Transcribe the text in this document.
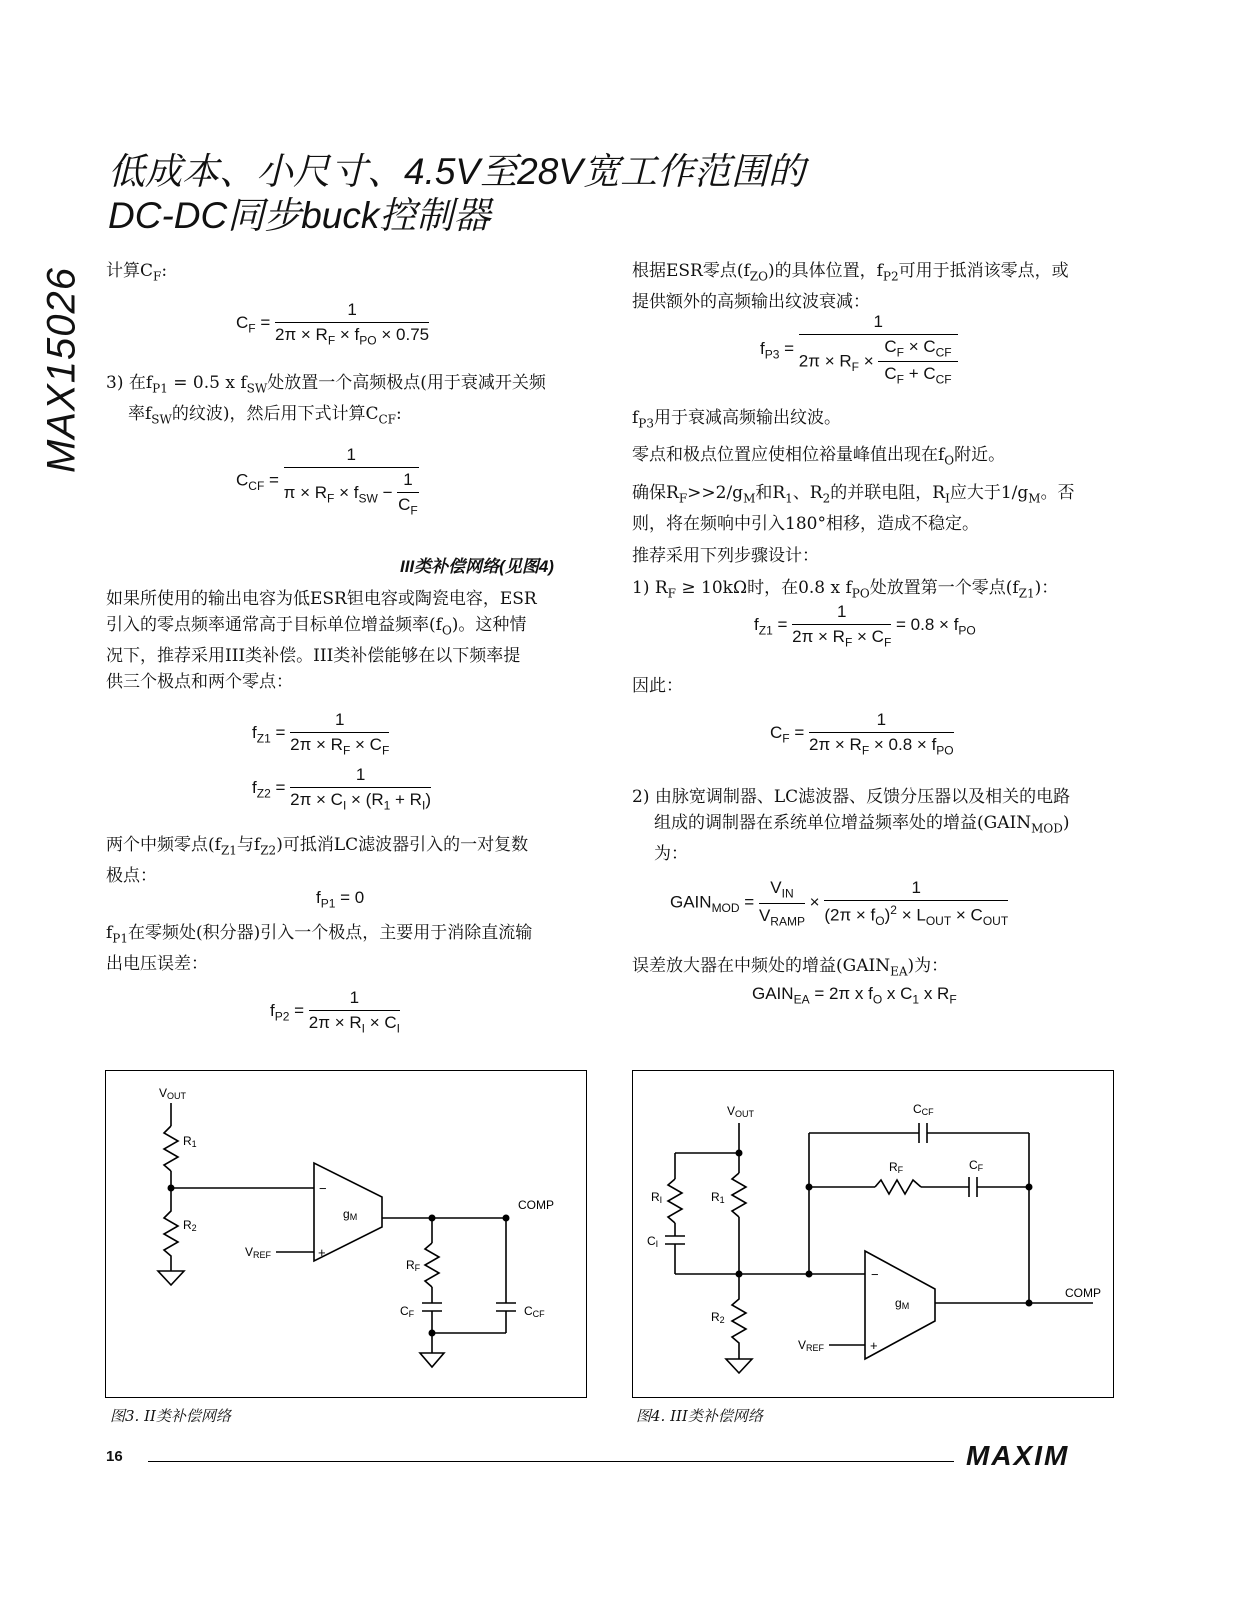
MAX15026
低成本、小尺寸、4.5V至28V宽工作范围的
DC-DC同步buck控制器
计算$C_F$:
$C_F = \frac{1}{2\pi \times R_F \times f_{PO} \times 0.75}$
3) 在$f_{P1} = 0.5$ x $f_{SW}$处放置一个高频极点(用于衰减开关频
率$f_{SW}$的纹波)，然后用下式计算$C_{CF}$:
$C_{CF} = \frac{1}{\pi \times R_F \times f_{SW} - \frac{1}{C_F}}$
III类补偿网络(见图4)
如果所使用的输出电容为低ESR钽电容或陶瓷电容，ESR
引入的零点频率通常高于目标单位增益频率$(f_O)$。这种情
况下，推荐采用III类补偿。III类补偿能够在以下频率提
供三个极点和两个零点：
$f_{Z1} = \frac{1}{2\pi \times R_F \times C_F}$
$f_{Z2} = \frac{1}{2\pi \times C_I \times (R_1 + R_I)}$
两个中频零点($f_{Z1}$与$f_{Z2}$)可抵消LC滤波器引入的一对复数
极点：
$f_{P1} = 0$
$f_{P1}$在零频处(积分器)引入一个极点，主要用于消除直流输
出电压误差：
$f_{P2} = \frac{1}{2\pi \times R_I \times C_I}$
根据ESR零点$(f_{ZO})$的具体位置，$f_{P2}$可用于抵消该零点，或
提供额外的高频输出纹波衰减：
$f_{P3} = \frac{1}{2\pi \times R_F \times \frac{C_F \times C_{CF}}{C_F + C_{CF}}}$
$f_{P3}$用于衰减高频输出纹波。
零点和极点位置应使相位裕量峰值出现在$f_O$附近。
确保$R_F>>2/g_M$和$R_1$、$R_2$的并联电阻，$R_I$应大于$1/g_M$。否
则，将在频响中引入180°相移，造成不稳定。
推荐采用下列步骤设计：
1) $R_F \ge 10k\Omega$时，在0.8 x $f_{PO}$处放置第一个零点$(f_{Z1})$：
$f_{Z1} = \frac{1}{2\pi \times R_F \times C_F} = 0.8 \times f_{PO}$
因此：
$C_F = \frac{1}{2\pi \times R_F \times 0.8 \times f_{PO}}$
2) 由脉宽调制器、LC滤波器、反馈分压器以及相关的电路
组成的调制器在系统单位增益频率处的增益$(GAIN_{MOD})$
为：
$GAIN_{MOD} = \frac{V_{IN}}{V_{RAMP}} \times \frac{1}{(2\pi \times f_O)^2 \times L_{OUT} \times C_{OUT}}$
误差放大器在中频处的增益$(GAIN_{EA})$为：
$GAIN_{EA} = 2\pi$ x $f_O$ x $C_1$ x $R_F$
VOUT
R1
R2
VREF
−
+
gM
COMP
RF
CF	CCF
图3. II类补偿网络
VOUT	CCF
RF	CF
RI	R1
CI
R2
VREF
−
+
gM
COMP
图4. III类补偿网络
16	MAXIM
